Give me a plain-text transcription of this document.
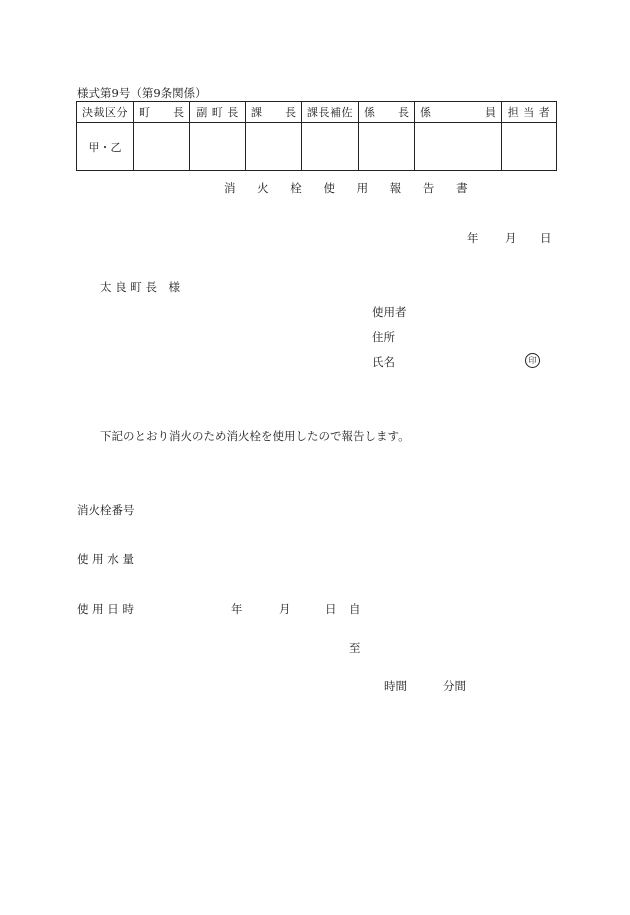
様式第9号（第9条関係）
決裁区分	町 長	副 町 長	課 長	課長補佐	係 長	係 員	担 当 者

甲・乙							
消 火 栓 使 用 報 告 書
年 月 日
太 良 町 長　様
使用者
住所
氏名	印
下記のとおり消火のため消火栓を使用したので報告します。
消火栓番号
使 用 水 量
使 用 日 時	年	月	日 自
至
時間	分間
